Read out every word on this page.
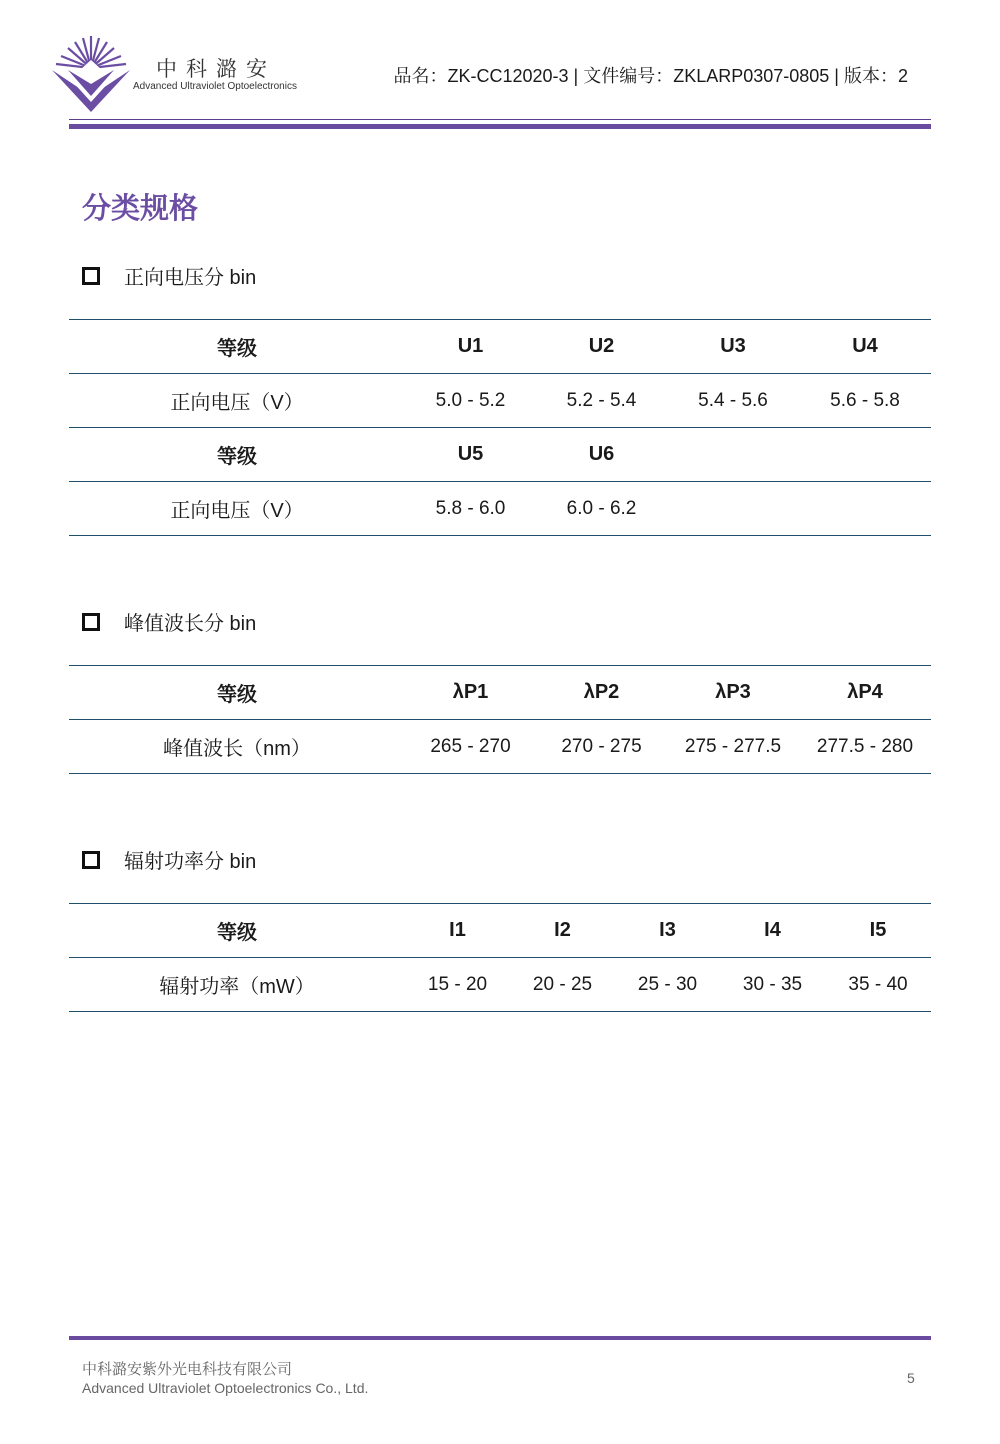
中科潞安
Advanced Ultraviolet Optoelectronics
品名：ZK-CC12020-3 | 文件编号：ZKLARP0307-0805 | 版本：2
分类规格
正向电压分 bin
等级	U1	U2	U3	U4
正向电压（V）	5.0 - 5.2	5.2 - 5.4	5.4 - 5.6	5.6 - 5.8
等级	U5	U6		
正向电压（V）	5.8 - 6.0	6.0 - 6.2		
峰值波长分 bin
等级	λP1	λP2	λP3	λP4
峰值波长（nm）	265 - 270	270 - 275	275 - 277.5	277.5 - 280
辐射功率分 bin
等级	I1	I2	I3	I4	I5
辐射功率（mW）	15 - 20	20 - 25	25 - 30	30 - 35	35 - 40
中科潞安紫外光电科技有限公司
Advanced Ultraviolet Optoelectronics Co., Ltd.
5
